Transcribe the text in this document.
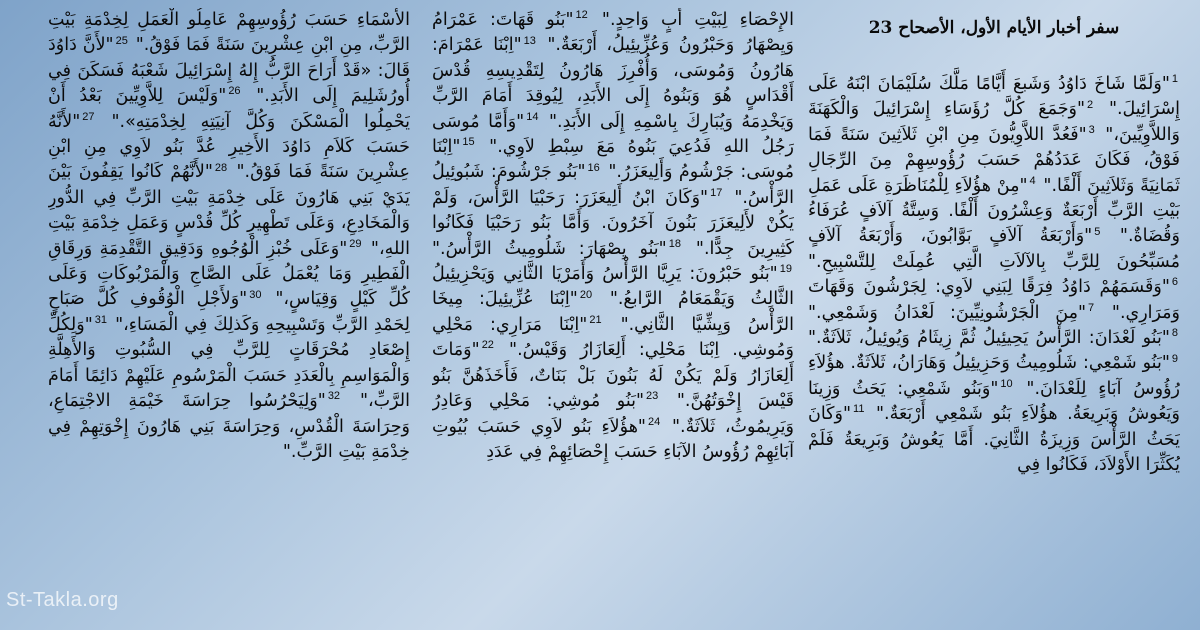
سفر أخبار الأيام الأول، الأصحاح 23
$^1$"وَلَمَّا شَاخَ دَاوُدُ وَشَبعَ أَيَّامًا مَلَّكَ سُلَيْمَانَ ابْنَهُ عَلَى إِسْرَائِيلَ." $^2$"وَجَمَعَ كُلَّ رُؤَسَاءِ إِسْرَائِيلَ وَالْكَهَنَةَ وَاللاَّوِيِّينَ،" $^3$"فَعُدَّ اللاَّوِيُّونَ مِنِ ابْنِ ثَلاَثِينَ سَنَةً فَمَا فَوْقُ، فَكَانَ عَدَدُهُمْ حَسَبَ رُؤُوسِهِمْ مِنَ الرِّجَالِ ثَمَانِيَةً وَثَلاَثِينَ أَلْفًا." $^4$"مِنْ هؤُلاَءِ لِلْمُنَاظَرَةِ عَلَى عَمَلِ بَيْتِ الرَّبِّ أَرْبَعَةٌ وَعِشْرُونَ أَلْفًا. وَسِتَّةُ آلاَفٍ عُرَفَاءُ وَقُضَاةٌ." $^5$"وَأَرْبَعَةُ آلاَفٍ بَوَّابُونَ، وَأَرْبَعَةُ آلاَفٍ مُسَبِّحُونَ لِلرَّبِّ بِالآلاَتِ الَّتِي عُمِلَتْ لِلتَّسْبِيحِ." $^6$"وَقَسَمَهُمْ دَاوُدُ فِرَقًا لِبَنِي لاَوِي: لِجَرْشُونَ وَقَهَاتَ وَمَرَارِي." $^7$"مِنَ الْجَرْشُونِيِّينَ: لَعْدَانُ وَشَمْعِي." $^8$"بَنُو لَعْدَانَ: الرَّأْسُ يَحِيئِيلُ ثُمَّ زِيثَامُ وَيُوئِيلُ، ثَلاَثَةٌ." $^9$"بَنُو شَمْعِي: شَلُومِيثُ وَحَزِيئِيلُ وَهَارَانُ، ثَلاَثَةٌ. هؤُلاَءِ رُؤُوسُ آبَاءٍ لِلَعْدَانَ." $^{10}$"وَبَنُو شَمْعِي: يَحَثُ وَزِينَا وَيَعُوشُ وَبَرِيعَةُ. هؤُلاَءِ بَنُو شَمْعِي أَرْبَعَةٌ." $^{11}$"وَكَانَ يَحَثُ الرَّأْسَ وَزِيزَةُ الثَّانِيَ. أَمَّا يَعُوشُ وَبَرِيعَةُ فَلَمْ يُكَثِّرَا الأَوْلاَدَ، فَكَانُوا فِي
الإِحْصَاءِ لِبَيْتِ أَبٍ وَاحِدٍ." $^{12}$"بَنُو قَهَاتَ: عَمْرَامُ وَيِصْهَارُ وَحَبْرُونُ وَعُزِّيئِيلُ، أَرْبَعَةٌ." $^{13}$"اِبْنَا عَمْرَامَ: هَارُونُ وَمُوسَى، وَأُفْرِزَ هَارُونُ لِتَقْدِيسِهِ قُدْسَ أَقْدَاسٍ هُوَ وَبَنُوهُ إِلَى الأَبَدِ، لِيُوقِدَ أَمَامَ الرَّبِّ وَيَخْدِمَهُ وَيُبَارِكَ بِاسْمِهِ إِلَى الأَبَدِ." $^{14}$"وَأَمَّا مُوسَى رَجُلُ اللهِ فَدُعِيَ بَنُوهُ مَعَ سِبْطِ لاَوِي." $^{15}$"اِبْنَا مُوسَى: جَرْشُومُ وَأَلِيعَزَرُ." $^{16}$"بَنُو جَرْشُومَ: شَبُوئِيلُ الرَّأْسُ." $^{17}$"وَكَانَ ابْنُ أَلِيعَزَرَ: رَحَبْيَا الرَّأْسَ، وَلَمْ يَكُنْ لأَلِيعَزَرَ بَنُونَ آخَرُونَ. وَأَمَّا بَنُو رَحَبْيَا فَكَانُوا كَثِيرِينَ جِدًّا." $^{18}$"بَنُو يِصْهَارَ: شَلُومِيثُ الرَّأْسُ." $^{19}$"بَنُو حَبْرُونَ: يَرِيَّا الرَّأْسُ وَأَمَرْيَا الثَّانِي وَيَحْزِيئِيلُ الثَّالِثُ وَيَقْمَعَامُ الرَّابعُ." $^{20}$"اِبْنَا عُزِّيئِيلَ: مِيخَا الرَّأْسُ وَيِشِّيَّا الثَّانِي." $^{21}$"اِبْنَا مَرَارِي: مَحْلِي وَمُوشِي. اِبْنَا مَحْلِي: أَلِعَازَارُ وَقَيْسُ." $^{22}$"وَمَاتَ أَلِعَازَارُ وَلَمْ يَكُنْ لَهُ بَنُونَ بَلْ بَنَاتٌ، فَأَخَذَهُنَّ بَنُو قَيْسَ إِخْوَتُهُنَّ." $^{23}$"بَنُو مُوشِي: مَحْلِي وَعَادِرُ وَيَرِيمُوثُ، ثَلاَثَةٌ." $^{24}$"هؤُلاَءِ بَنُو لاَوِي حَسَبَ بُيُوتِ آبَائِهِمْ رُؤُوسُ الآبَاءِ حَسَبَ إِحْصَائِهِمْ فِي عَدَدِ
الأَسْمَاءِ حَسَبَ رُؤُوسِهِمْ عَامِلُو الْعَمَلِ لِخِدْمَةِ بَيْتِ الرَّبِّ، مِنِ ابْنِ عِشْرِينَ سَنَةً فَمَا فَوْقُ." $^{25}$"لأَنَّ دَاوُدَ قَالَ: «قَدْ أَرَاحَ الرَّبُّ إِلهُ إِسْرَائِيلَ شَعْبَهُ فَسَكَنَ فِي أُورُشَلِيمَ إِلَى الأَبَدِ." $^{26}$"وَلَيْسَ لِلاَّوِيِّينَ بَعْدُ أَنْ يَحْمِلُوا الْمَسْكَنَ وَكُلَّ آنِيَتِهِ لِخِدْمَتِهِ»." $^{27}$"لأَنَّهُ حَسَبَ كَلاَمِ دَاوُدَ الأَخِيرِ عُدَّ بَنُو لاَوِي مِنِ ابْنِ عِشْرِينَ سَنَةً فَمَا فَوْقُ." $^{28}$"لأَنَّهُمْ كَانُوا يَقِفُونَ بَيْنَ يَدَيْ بَنِي هَارُونَ عَلَى خِدْمَةِ بَيْتِ الرَّبِّ فِي الدُّورِ وَالْمَخَادِعِ، وَعَلَى تَطْهِيرِ كُلِّ قُدْسٍ وَعَمَلِ خِدْمَةِ بَيْتِ اللهِ،" $^{29}$"وَعَلَى خُبْزِ الْوُجُوهِ وَدَقِيقِ التَّقْدِمَةِ وَرِقَاقِ الْفَطِيرِ وَمَا يُعْمَلُ عَلَى الصَّاجِ وَالْمَرْبُوكَاتِ وَعَلَى كُلِّ كَيْلٍ وَقِيَاسٍ،" $^{30}$"وَلأَجْلِ الْوُقُوفِ كُلَّ صَبَاحٍ لِحَمْدِ الرَّبِّ وَتَسْبِيحِهِ وَكَذلِكَ فِي الْمَسَاءِ،" $^{31}$"وَلِكُلِّ إِصْعَادِ مُحْرَقَاتٍ لِلرَّبِّ فِي السُّبُوتِ وَالأَهِلَّةِ وَالْمَوَاسِمِ بِالْعَدَدِ حَسَبَ الْمَرْسُومِ عَلَيْهِمْ دَائِمًا أَمَامَ الرَّبِّ،" $^{32}$"وَلِيَحْرُسُوا حِرَاسَةَ خَيْمَةِ الاجْتِمَاعِ، وَحِرَاسَةَ الْقُدْسِ، وَحِرَاسَةَ بَنِي هَارُونَ إِخْوَتِهِمْ فِي خِدْمَةِ بَيْتِ الرَّبِّ."
St-Takla.org
